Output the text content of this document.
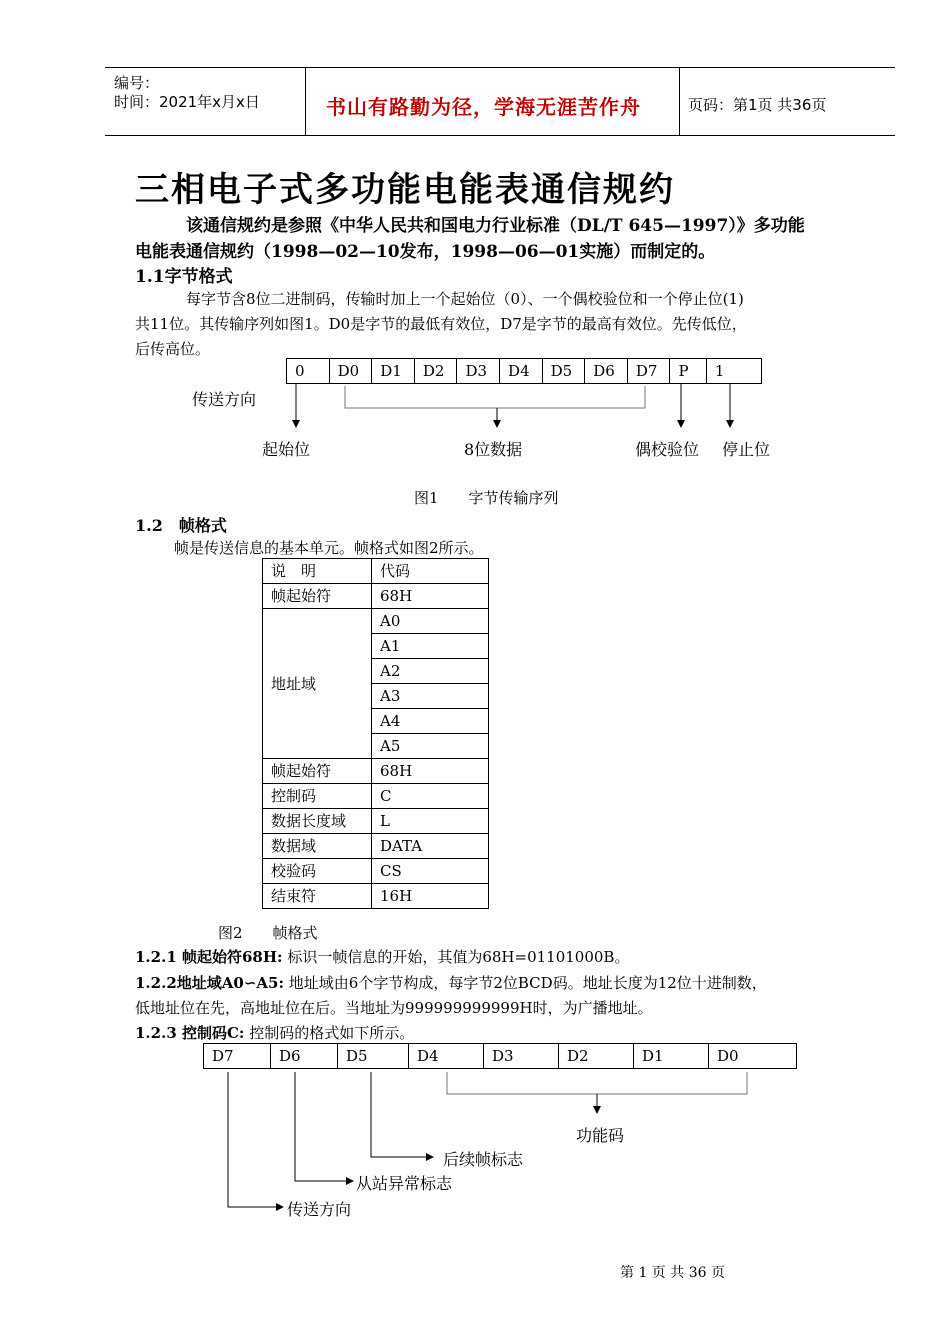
编号：
时间：2021年x月x日	书山有路勤为径，学海无涯苦作舟	页码：第1页 共36页
三相电子式多功能电能表通信规约
该通信规约是参照《中华人民共和国电力行业标准（DL/T 645—1997）》多功能
电能表通信规约（1998—02—10发布，1998—06—01实施）而制定的。
1.1字节格式
每字节含8位二进制码，传输时加上一个起始位（0）、一个偶校验位和一个停止位(1)
共11位。其传输序列如图1。D0是字节的最低有效位，D7是字节的最高有效位。先传低位，
后传高位。
0	D0	D1	D2	D3	D4	D5	D6	D7	P	1
传送方向
起始位	8位数据	偶校验位 停止位
图1　　字节传输序列
1.2　帧格式
帧是传送信息的基本单元。帧格式如图2所示。
说　明	代码
帧起始符	68H
地址域	A0
	A1
	A2
	A3
	A4
	A5
帧起始符	68H
控制码	C
数据长度域	L
数据域	DATA
校验码	CS
结束符	16H
图2　　帧格式
1.2.1 帧起始符68H: 标识一帧信息的开始，其值为68H=01101000B。
1.2.2地址域A0∽A5: 地址域由6个字节构成，每字节2位BCD码。地址长度为12位十进制数，
低地址位在先，高地址位在后。当地址为999999999999H时，为广播地址。
1.2.3 控制码C: 控制码的格式如下所示。
D7	D6	D5	D4	D3	D2	D1	D0
功能码
后续帧标志
从站异常标志
传送方向
第 1 页 共 36 页
